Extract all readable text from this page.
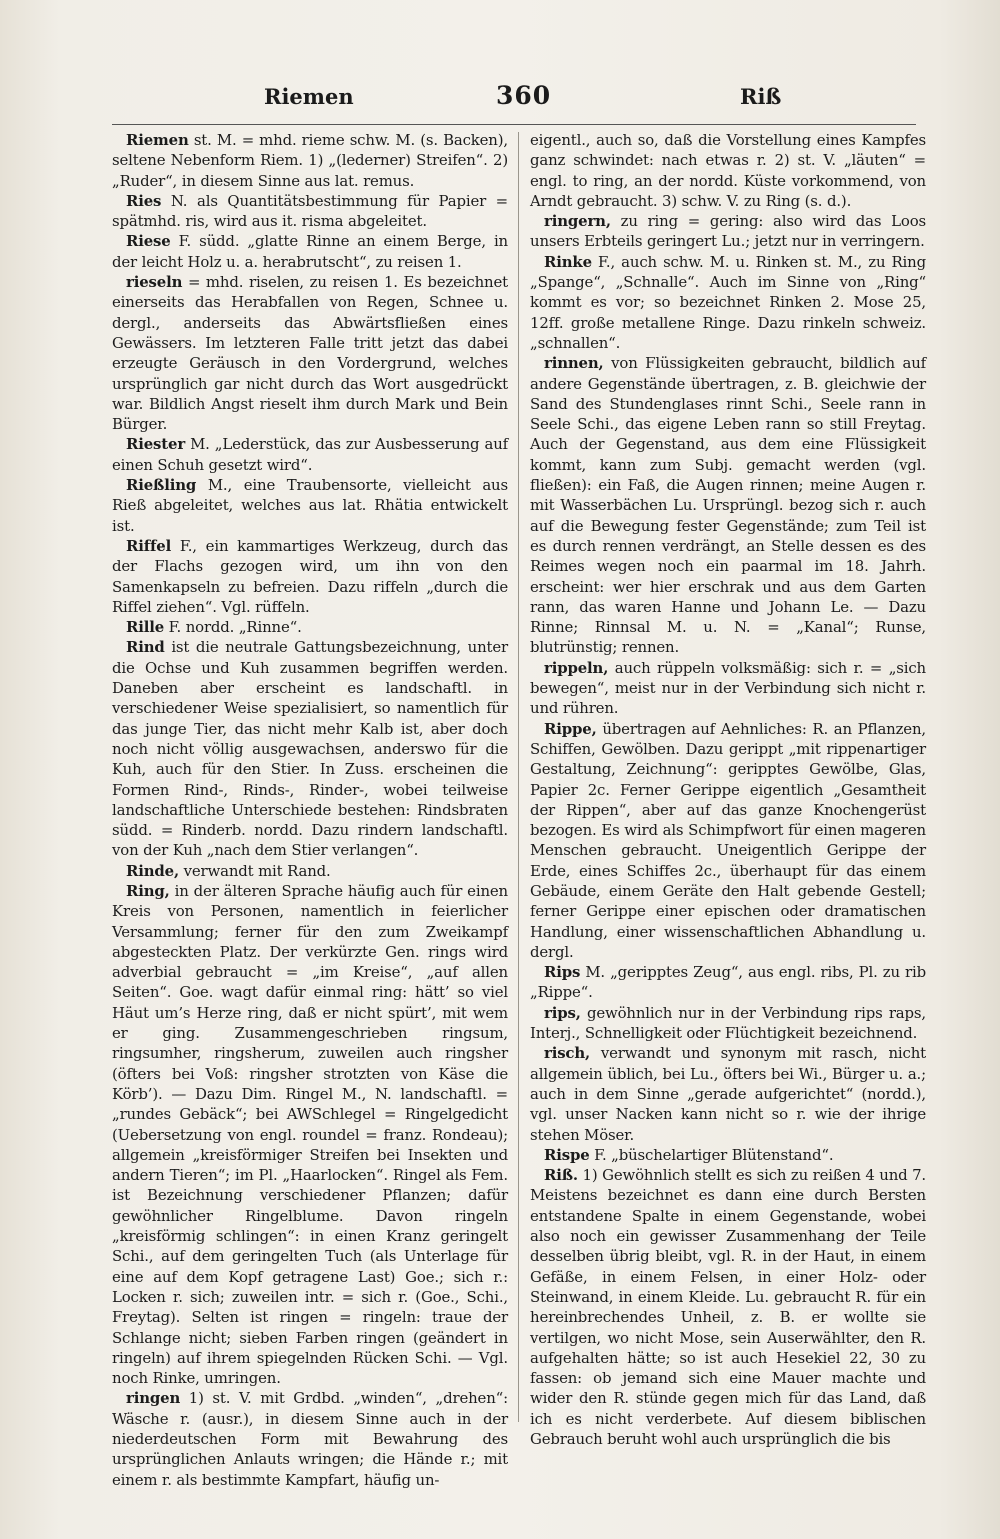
Riemen	360	Riß

Riemen st. M. = mhd. rieme schw. M. (s. Backen), seltene Nebenform Riem. 1) „(lederner) Streifen“. 2) „Ruder“, in diesem Sinne aus lat. remus.

Ries N. als Quantitätsbestimmung für Papier = spätmhd. ris, wird aus it. risma abgeleitet.

Riese F. südd. „glatte Rinne an einem Berge, in der leicht Holz u. a. herabrutscht“, zu reisen 1.

rieseln = mhd. riselen, zu reisen 1. Es bezeichnet einerseits das Herabfallen von Regen, Schnee u. dergl., anderseits das Abwärtsfließen eines Gewässers. Im letzteren Falle tritt jetzt das dabei erzeugte Geräusch in den Vordergrund, welches ursprünglich gar nicht durch das Wort ausgedrückt war. Bildlich Angst rieselt ihm durch Mark und Bein Bürger.

Riester M. „Lederstück, das zur Ausbesserung auf einen Schuh gesetzt wird“.

Rießling M., eine Traubensorte, vielleicht aus Rieß abgeleitet, welches aus lat. Rhätia entwickelt ist.

Riffel F., ein kammartiges Werkzeug, durch das der Flachs gezogen wird, um ihn von den Samenkapseln zu befreien. Dazu riffeln „durch die Riffel ziehen“. Vgl. rüffeln.

Rille F. nordd. „Rinne“.

Rind ist die neutrale Gattungsbezeichnung, unter die Ochse und Kuh zusammen begriffen werden. Daneben aber erscheint es landschaftl. in verschiedener Weise spezialisiert, so namentlich für das junge Tier, das nicht mehr Kalb ist, aber doch noch nicht völlig ausgewachsen, anderswo für die Kuh, auch für den Stier. In Zuss. erscheinen die Formen Rind-, Rinds-, Rinder-, wobei teilweise landschaftliche Unterschiede bestehen: Rindsbraten südd. = Rinderb. nordd. Dazu rindern landschaftl. von der Kuh „nach dem Stier verlangen“.

Rinde, verwandt mit Rand.

Ring, in der älteren Sprache häufig auch für einen Kreis von Personen, namentlich in feierlicher Versammlung; ferner für den zum Zweikampf abgesteckten Platz. Der verkürzte Gen. rings wird adverbial gebraucht = „im Kreise“, „auf allen Seiten“. Goe. wagt dafür einmal ring: hätt’ so viel Häut um’s Herze ring, daß er nicht spürt’, mit wem er ging. Zusammengeschrieben ringsum, ringsumher, ringsherum, zuweilen auch ringsher (öfters bei Voß: ringsher strotzten von Käse die Körb’). — Dazu Dim. Ringel M., N. landschaftl. = „rundes Gebäck“; bei AWSchlegel = Ringelgedicht (Uebersetzung von engl. roundel = franz. Rondeau); allgemein „kreisförmiger Streifen bei Insekten und andern Tieren“; im Pl. „Haarlocken“. Ringel als Fem. ist Bezeichnung verschiedener Pflanzen; dafür gewöhnlicher Ringelblume. Davon ringeln „kreisförmig schlingen“: in einen Kranz geringelt Schi., auf dem geringelten Tuch (als Unterlage für eine auf dem Kopf getragene Last) Goe.; sich r.: Locken r. sich; zuweilen intr. = sich r. (Goe., Schi., Freytag). Selten ist ringen = ringeln: traue der Schlange nicht; sieben Farben ringen (geändert in ringeln) auf ihrem spiegelnden Rücken Schi. — Vgl. noch Rinke, umringen.

ringen 1) st. V. mit Grdbd. „winden“, „drehen“: Wäsche r. (ausr.), in diesem Sinne auch in der niederdeutschen Form mit Bewahrung des ursprünglichen Anlauts wringen; die Hände r.; mit einem r. als bestimmte Kampfart, häufig un-

eigentl., auch so, daß die Vorstellung eines Kampfes ganz schwindet: nach etwas r. 2) st. V. „läuten“ = engl. to ring, an der nordd. Küste vorkommend, von Arndt gebraucht. 3) schw. V. zu Ring (s. d.).

ringern, zu ring = gering: also wird das Loos unsers Erbteils geringert Lu.; jetzt nur in verringern.

Rinke F., auch schw. M. u. Rinken st. M., zu Ring „Spange“, „Schnalle“. Auch im Sinne von „Ring“ kommt es vor; so bezeichnet Rinken 2. Mose 25, 12ff. große metallene Ringe. Dazu rinkeln schweiz. „schnallen“.

rinnen, von Flüssigkeiten gebraucht, bildlich auf andere Gegenstände übertragen, z. B. gleichwie der Sand des Stundenglases rinnt Schi., Seele rann in Seele Schi., das eigene Leben rann so still Freytag. Auch der Gegenstand, aus dem eine Flüssigkeit kommt, kann zum Subj. gemacht werden (vgl. fließen): ein Faß, die Augen rinnen; meine Augen r. mit Wasserbächen Lu. Ursprüngl. bezog sich r. auch auf die Bewegung fester Gegenstände; zum Teil ist es durch rennen verdrängt, an Stelle dessen es des Reimes wegen noch ein paarmal im 18. Jahrh. erscheint: wer hier erschrak und aus dem Garten rann, das waren Hanne und Johann Le. — Dazu Rinne; Rinnsal M. u. N. = „Kanal“; Runse, blutrünstig; rennen.

rippeln, auch rüppeln volksmäßig: sich r. = „sich bewegen“, meist nur in der Verbindung sich nicht r. und rühren.

Rippe, übertragen auf Aehnliches: R. an Pflanzen, Schiffen, Gewölben. Dazu gerippt „mit rippenartiger Gestaltung, Zeichnung“: geripptes Gewölbe, Glas, Papier 2c. Ferner Gerippe eigentlich „Gesamtheit der Rippen“, aber auf das ganze Knochengerüst bezogen. Es wird als Schimpfwort für einen mageren Menschen gebraucht. Uneigentlich Gerippe der Erde, eines Schiffes 2c., überhaupt für das einem Gebäude, einem Geräte den Halt gebende Gestell; ferner Gerippe einer epischen oder dramatischen Handlung, einer wissenschaftlichen Abhandlung u. dergl.

Rips M. „geripptes Zeug“, aus engl. ribs, Pl. zu rib „Rippe“.

rips, gewöhnlich nur in der Verbindung rips raps, Interj., Schnelligkeit oder Flüchtigkeit bezeichnend.

risch, verwandt und synonym mit rasch, nicht allgemein üblich, bei Lu., öfters bei Wi., Bürger u. a.; auch in dem Sinne „gerade aufgerichtet“ (nordd.), vgl. unser Nacken kann nicht so r. wie der ihrige stehen Möser.

Rispe F. „büschelartiger Blütenstand“.

Riß. 1) Gewöhnlich stellt es sich zu reißen 4 und 7. Meistens bezeichnet es dann eine durch Bersten entstandene Spalte in einem Gegenstande, wobei also noch ein gewisser Zusammenhang der Teile desselben übrig bleibt, vgl. R. in der Haut, in einem Gefäße, in einem Felsen, in einer Holz- oder Steinwand, in einem Kleide. Lu. gebraucht R. für ein hereinbrechendes Unheil, z. B. er wollte sie vertilgen, wo nicht Mose, sein Auserwählter, den R. aufgehalten hätte; so ist auch Hesekiel 22, 30 zu fassen: ob jemand sich eine Mauer machte und wider den R. stünde gegen mich für das Land, daß ich es nicht verderbete. Auf diesem biblischen Gebrauch beruht wohl auch ursprünglich die bis
